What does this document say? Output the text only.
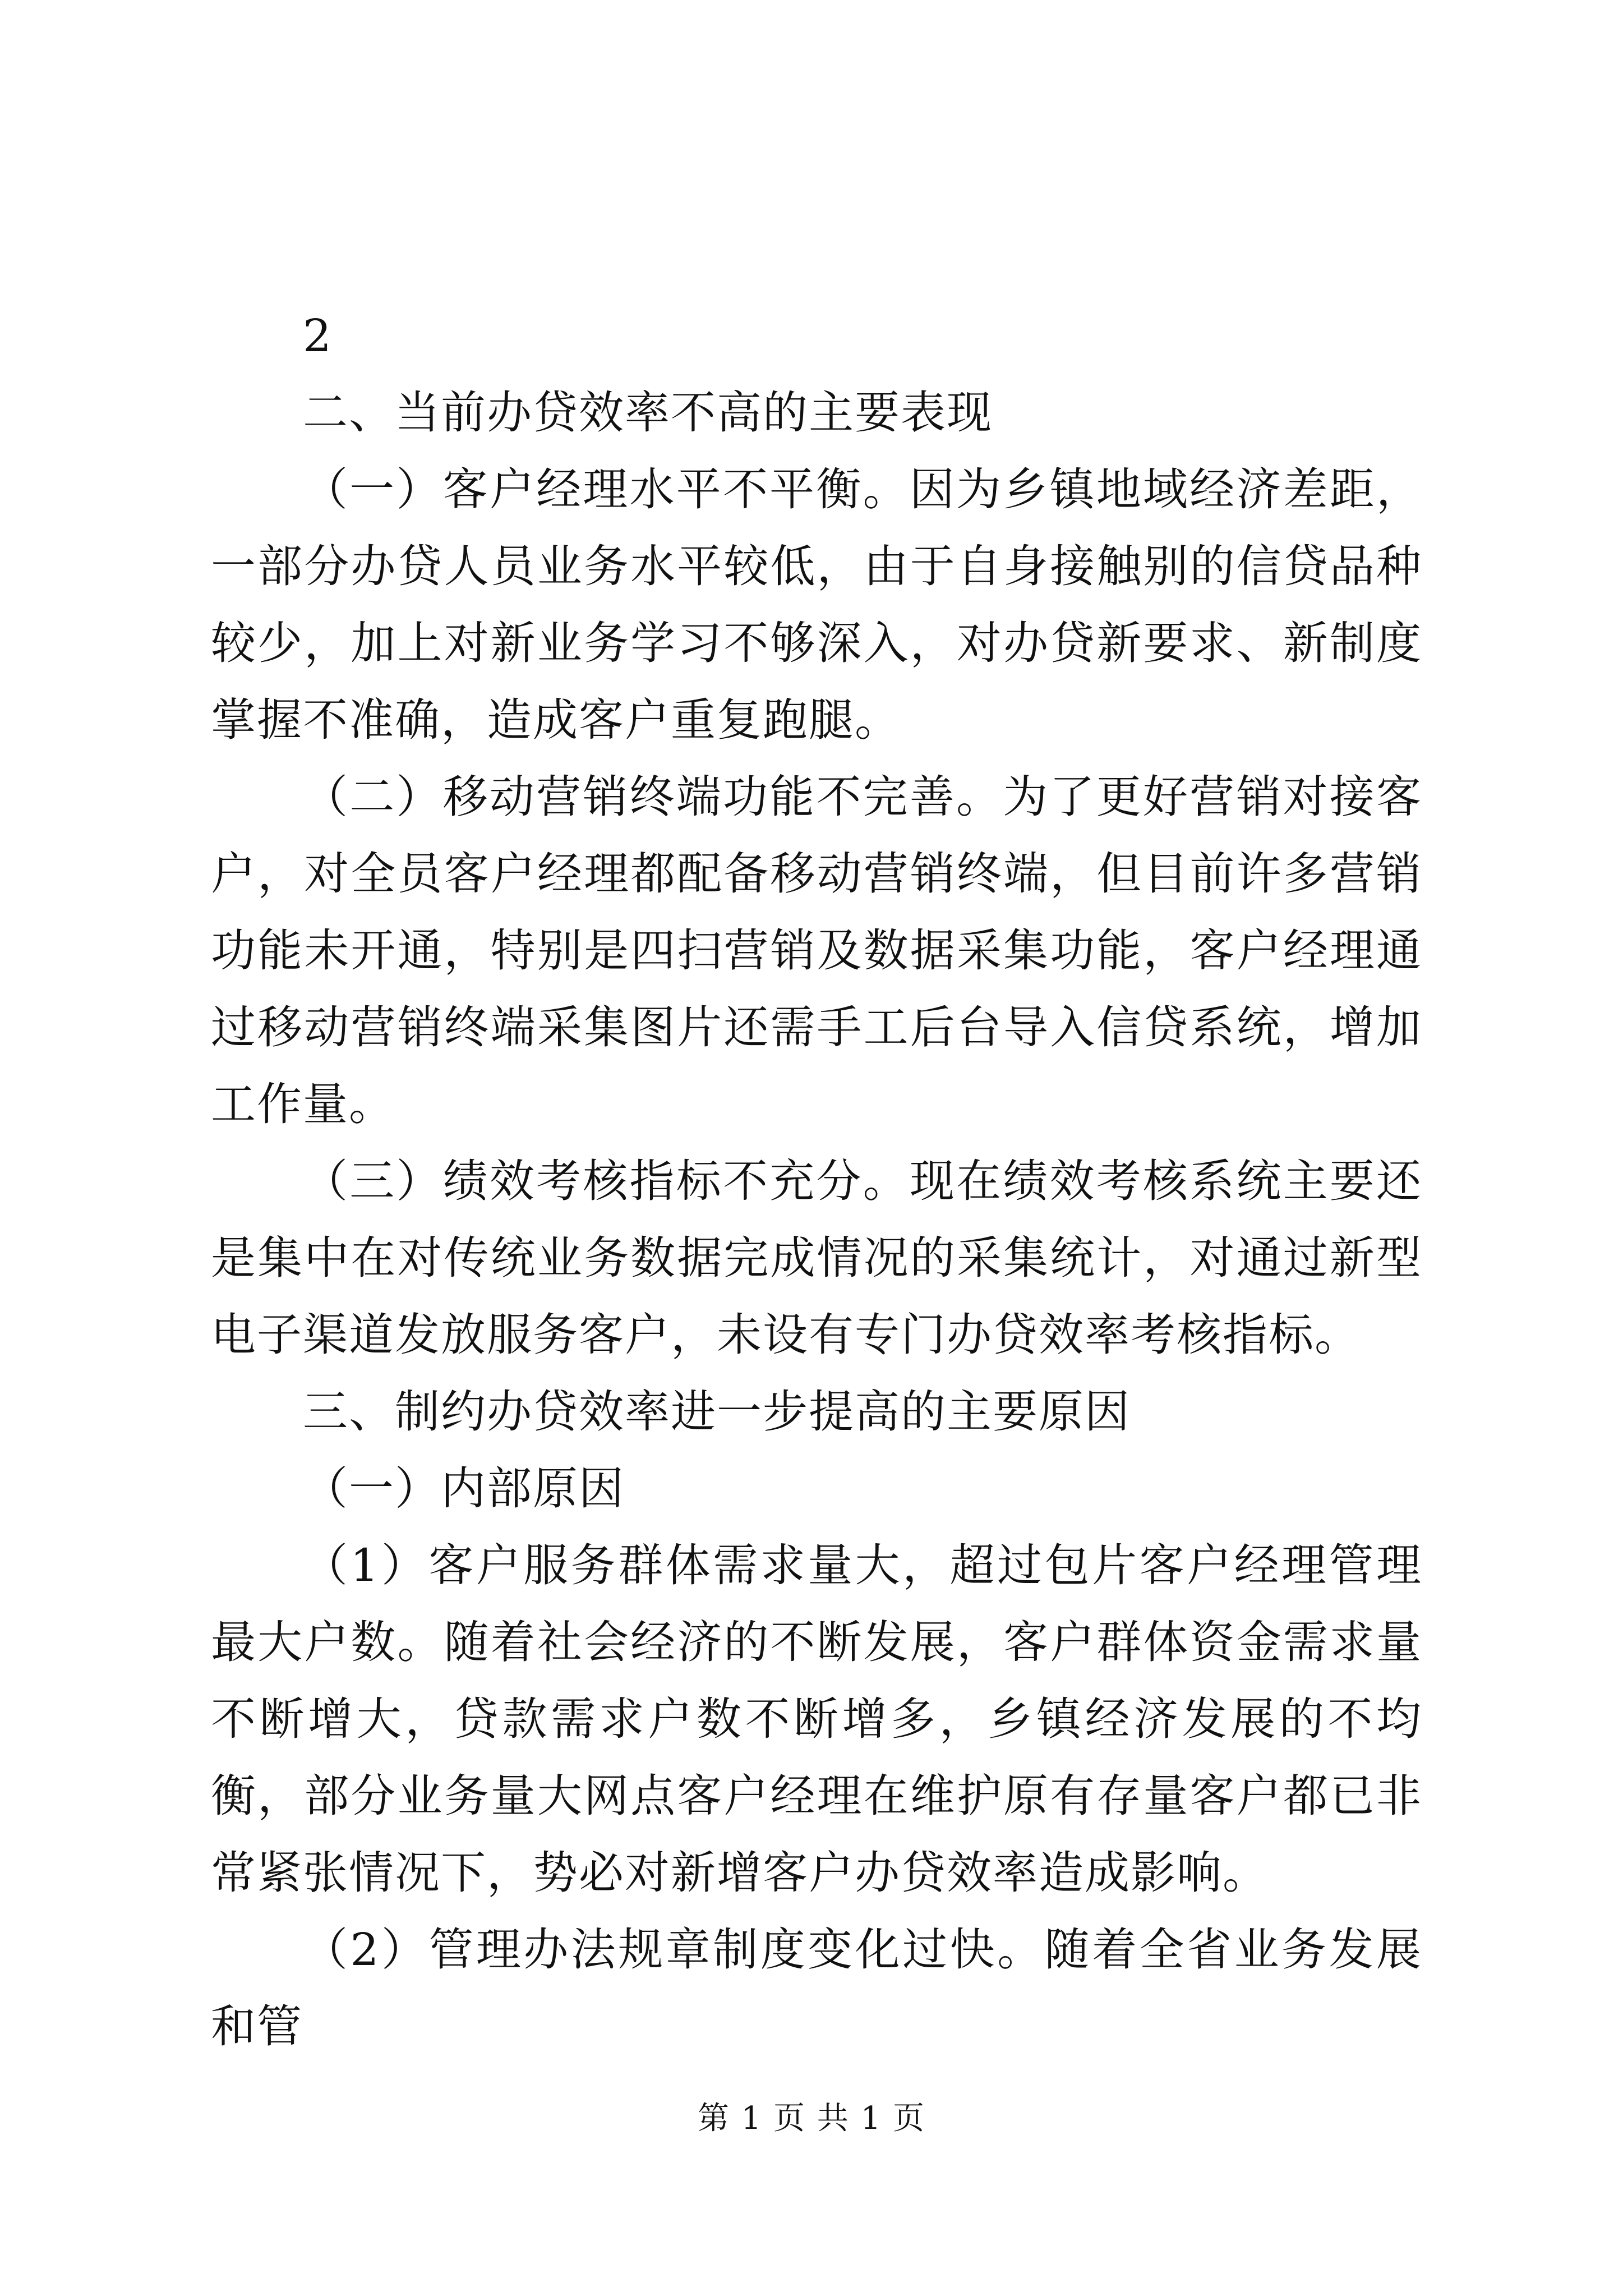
2

二、当前办贷效率不高的主要表现

（一）客户经理水平不平衡。因为乡镇地域经济差距，一部分办贷人员业务水平较低，由于自身接触别的信贷品种较少，加上对新业务学习不够深入，对办贷新要求、新制度掌握不准确，造成客户重复跑腿。

（二）移动营销终端功能不完善。为了更好营销对接客户，对全员客户经理都配备移动营销终端，但目前许多营销功能未开通，特别是四扫营销及数据采集功能，客户经理通过移动营销终端采集图片还需手工后台导入信贷系统，增加工作量。

（三）绩效考核指标不充分。现在绩效考核系统主要还是集中在对传统业务数据完成情况的采集统计，对通过新型电子渠道发放服务客户，未设有专门办贷效率考核指标。

三、制约办贷效率进一步提高的主要原因

（一）内部原因

（1）客户服务群体需求量大，超过包片客户经理管理最大户数。随着社会经济的不断发展，客户群体资金需求量不断增大，贷款需求户数不断增多，乡镇经济发展的不均衡，部分业务量大网点客户经理在维护原有存量客户都已非常紧张情况下，势必对新增客户办贷效率造成影响。

（2）管理办法规章制度变化过快。随着全省业务发展和管

第 1 页 共 1 页
